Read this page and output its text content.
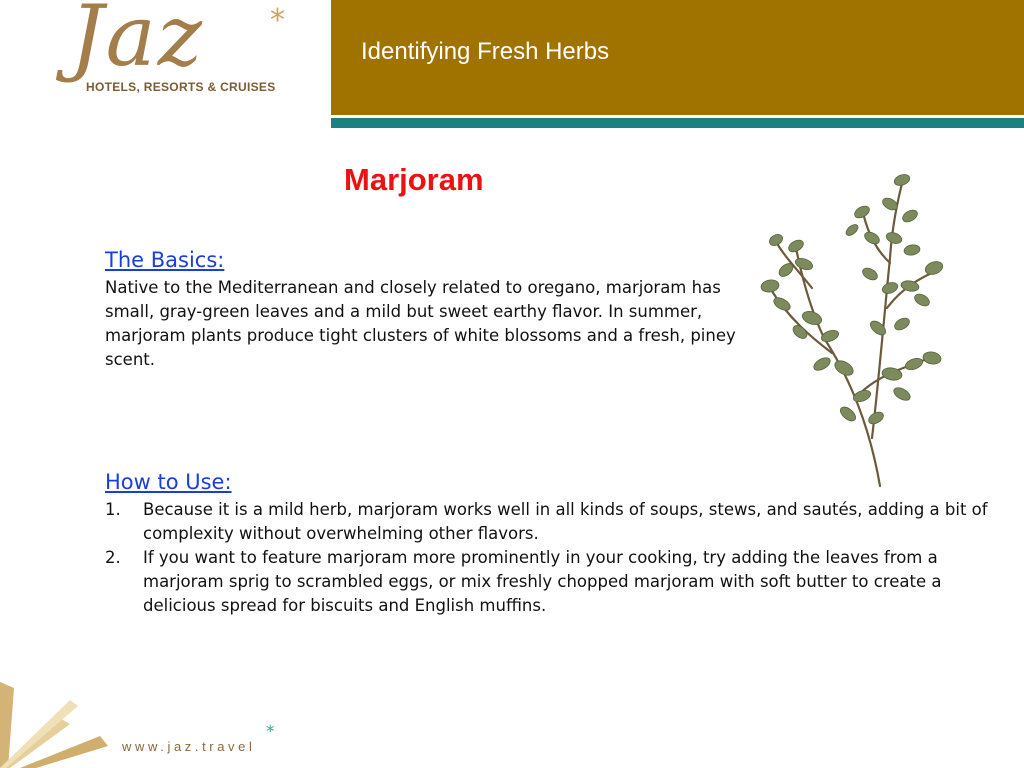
Jaz *
HOTELS, RESORTS & CRUISES
Identifying Fresh Herbs
Marjoram
The Basics:
Native to the Mediterranean and closely related to oregano, marjoram has small, gray-green leaves and a mild but sweet earthy flavor. In summer, marjoram plants produce tight clusters of white blossoms and a fresh, piney scent.
How to Use:
1. Because it is a mild herb, marjoram works well in all kinds of soups, stews, and sautés, adding a bit of complexity without overwhelming other flavors.
2. If you want to feature marjoram more prominently in your cooking, try adding the leaves from a marjoram sprig to scrambled eggs, or mix freshly chopped marjoram with soft butter to create a delicious spread for biscuits and English muffins.
www.jaz.travel
*
